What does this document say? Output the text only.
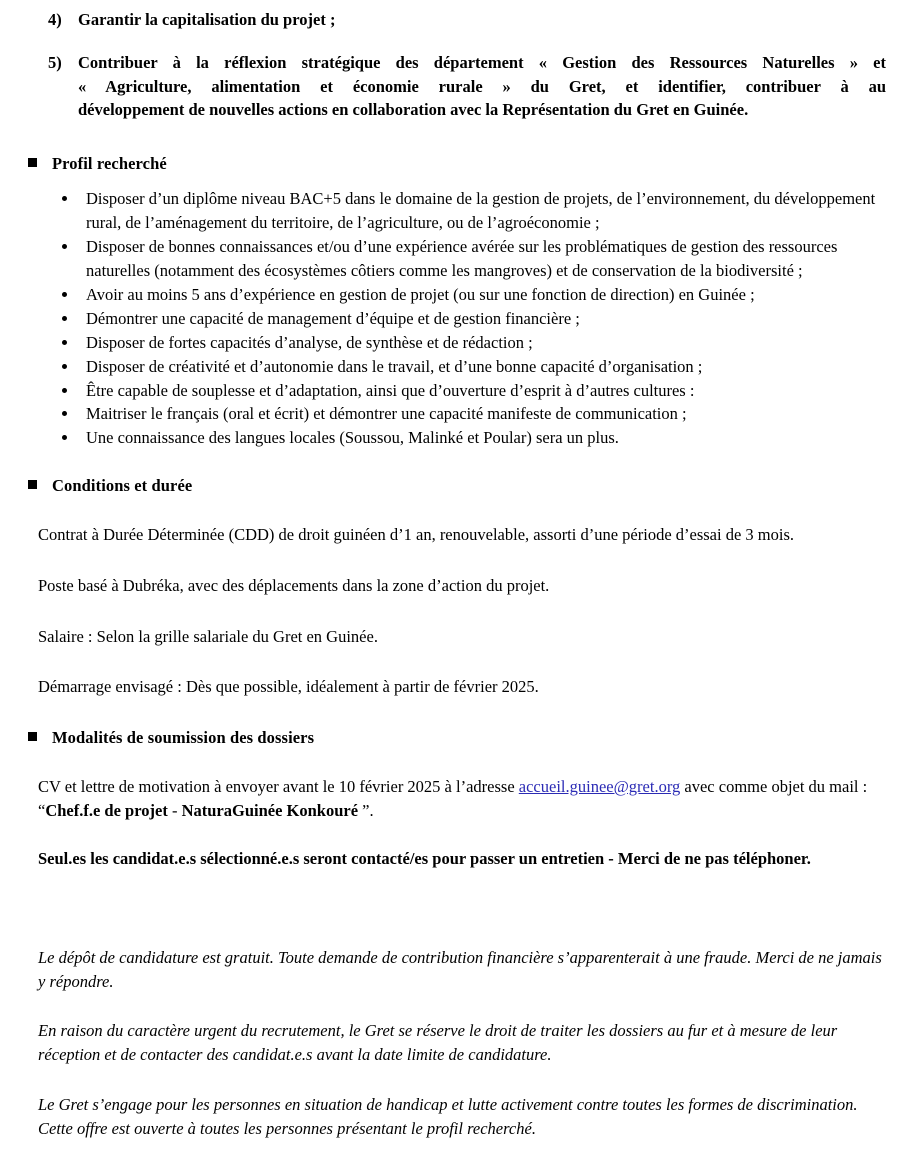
4) Garantir la capitalisation du projet ;
5) Contribuer à la réflexion stratégique des département « Gestion des Ressources Naturelles » et
« Agriculture, alimentation et économie rurale » du Gret, et identifier, contribuer à au
développement de nouvelles actions en collaboration avec la Représentation du Gret en Guinée.
Profil recherché
Disposer d’un diplôme niveau BAC+5 dans le domaine de la gestion de projets, de l’environnement, du développement rural, de l’aménagement du territoire, de l’agriculture, ou de l’agroéconomie ;
Disposer de bonnes connaissances et/ou d’une expérience avérée sur les problématiques de gestion des ressources naturelles (notamment des écosystèmes côtiers comme les mangroves) et de conservation de la biodiversité ;
Avoir au moins 5 ans d’expérience en gestion de projet (ou sur une fonction de direction) en Guinée ;
Démontrer une capacité de management d’équipe et de gestion financière ;
Disposer de fortes capacités d’analyse, de synthèse et de rédaction ;
Disposer de créativité et d’autonomie dans le travail, et d’une bonne capacité d’organisation ;
Être capable de souplesse et d’adaptation, ainsi que d’ouverture d’esprit à d’autres cultures :
Maitriser le français (oral et écrit) et démontrer une capacité manifeste de communication ;
Une connaissance des langues locales (Soussou, Malinké et Poular) sera un plus.
Conditions et durée

Contrat à Durée Déterminée (CDD) de droit guinéen d’1 an, renouvelable, assorti d’une période d’essai de 3 mois.

Poste basé à Dubréka, avec des déplacements dans la zone d’action du projet.

Salaire : Selon la grille salariale du Gret en Guinée.

Démarrage envisagé : Dès que possible, idéalement à partir de février 2025.

Modalités de soumission des dossiers

CV et lettre de motivation à envoyer avant le 10 février 2025 à l’adresse accueil.guinee@gret.org avec comme objet du mail : “Chef.f.e de projet - NaturaGuinée Konkouré ”.

Seul.es les candidat.e.s sélectionné.e.s seront contacté/es pour passer un entretien - Merci de ne pas téléphoner.

Le dépôt de candidature est gratuit. Toute demande de contribution financière s’apparenterait à une fraude. Merci de ne jamais y répondre.

En raison du caractère urgent du recrutement, le Gret se réserve le droit de traiter les dossiers au fur et à mesure de leur réception et de contacter des candidat.e.s avant la date limite de candidature.

Le Gret s’engage pour les personnes en situation de handicap et lutte activement contre toutes les formes de discrimination. Cette offre est ouverte à toutes les personnes présentant le profil recherché.
